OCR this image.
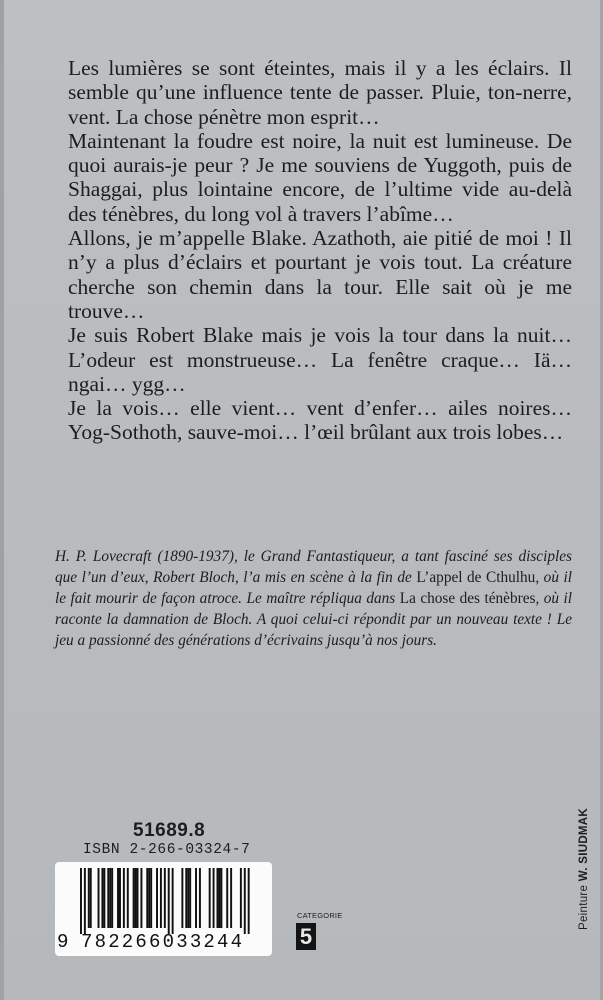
Les lumières se sont éteintes, mais il y a les éclairs. Il semble qu’une influence tente de passer. Pluie, ton-nerre, vent. La chose pénètre mon esprit…

Maintenant la foudre est noire, la nuit est lumineuse. De quoi aurais-je peur ? Je me souviens de Yuggoth, puis de Shaggai, plus lointaine encore, de l’ultime vide au-delà des ténèbres, du long vol à travers l’abîme…

Allons, je m’appelle Blake. Azathoth, aie pitié de moi ! Il n’y a plus d’éclairs et pourtant je vois tout. La créature cherche son chemin dans la tour. Elle sait où je me trouve…

Je suis Robert Blake mais je vois la tour dans la nuit… L’odeur est monstrueuse… La fenêtre craque… Iä… ngai… ygg…

Je la vois… elle vient… vent d’enfer… ailes noires… Yog-Sothoth, sauve-moi… l’œil brûlant aux trois lobes…

H. P. Lovecraft (1890-1937), le Grand Fantastiqueur, a tant fasciné ses disciples que l’un d’eux, Robert Bloch, l’a mis en scène à la fin de L’appel de Cthulhu, où il le fait mourir de façon atroce. Le maître répliqua dans La chose des ténèbres, où il raconte la damnation de Bloch. A quoi celui-ci répondit par un nouveau texte ! Le jeu a passionné des générations d’écrivains jusqu’à nos jours.
51689.8
ISBN 2-266-03324-7
9 782266033244
CATEGORIE
5
Peinture W. SIUDMAK
